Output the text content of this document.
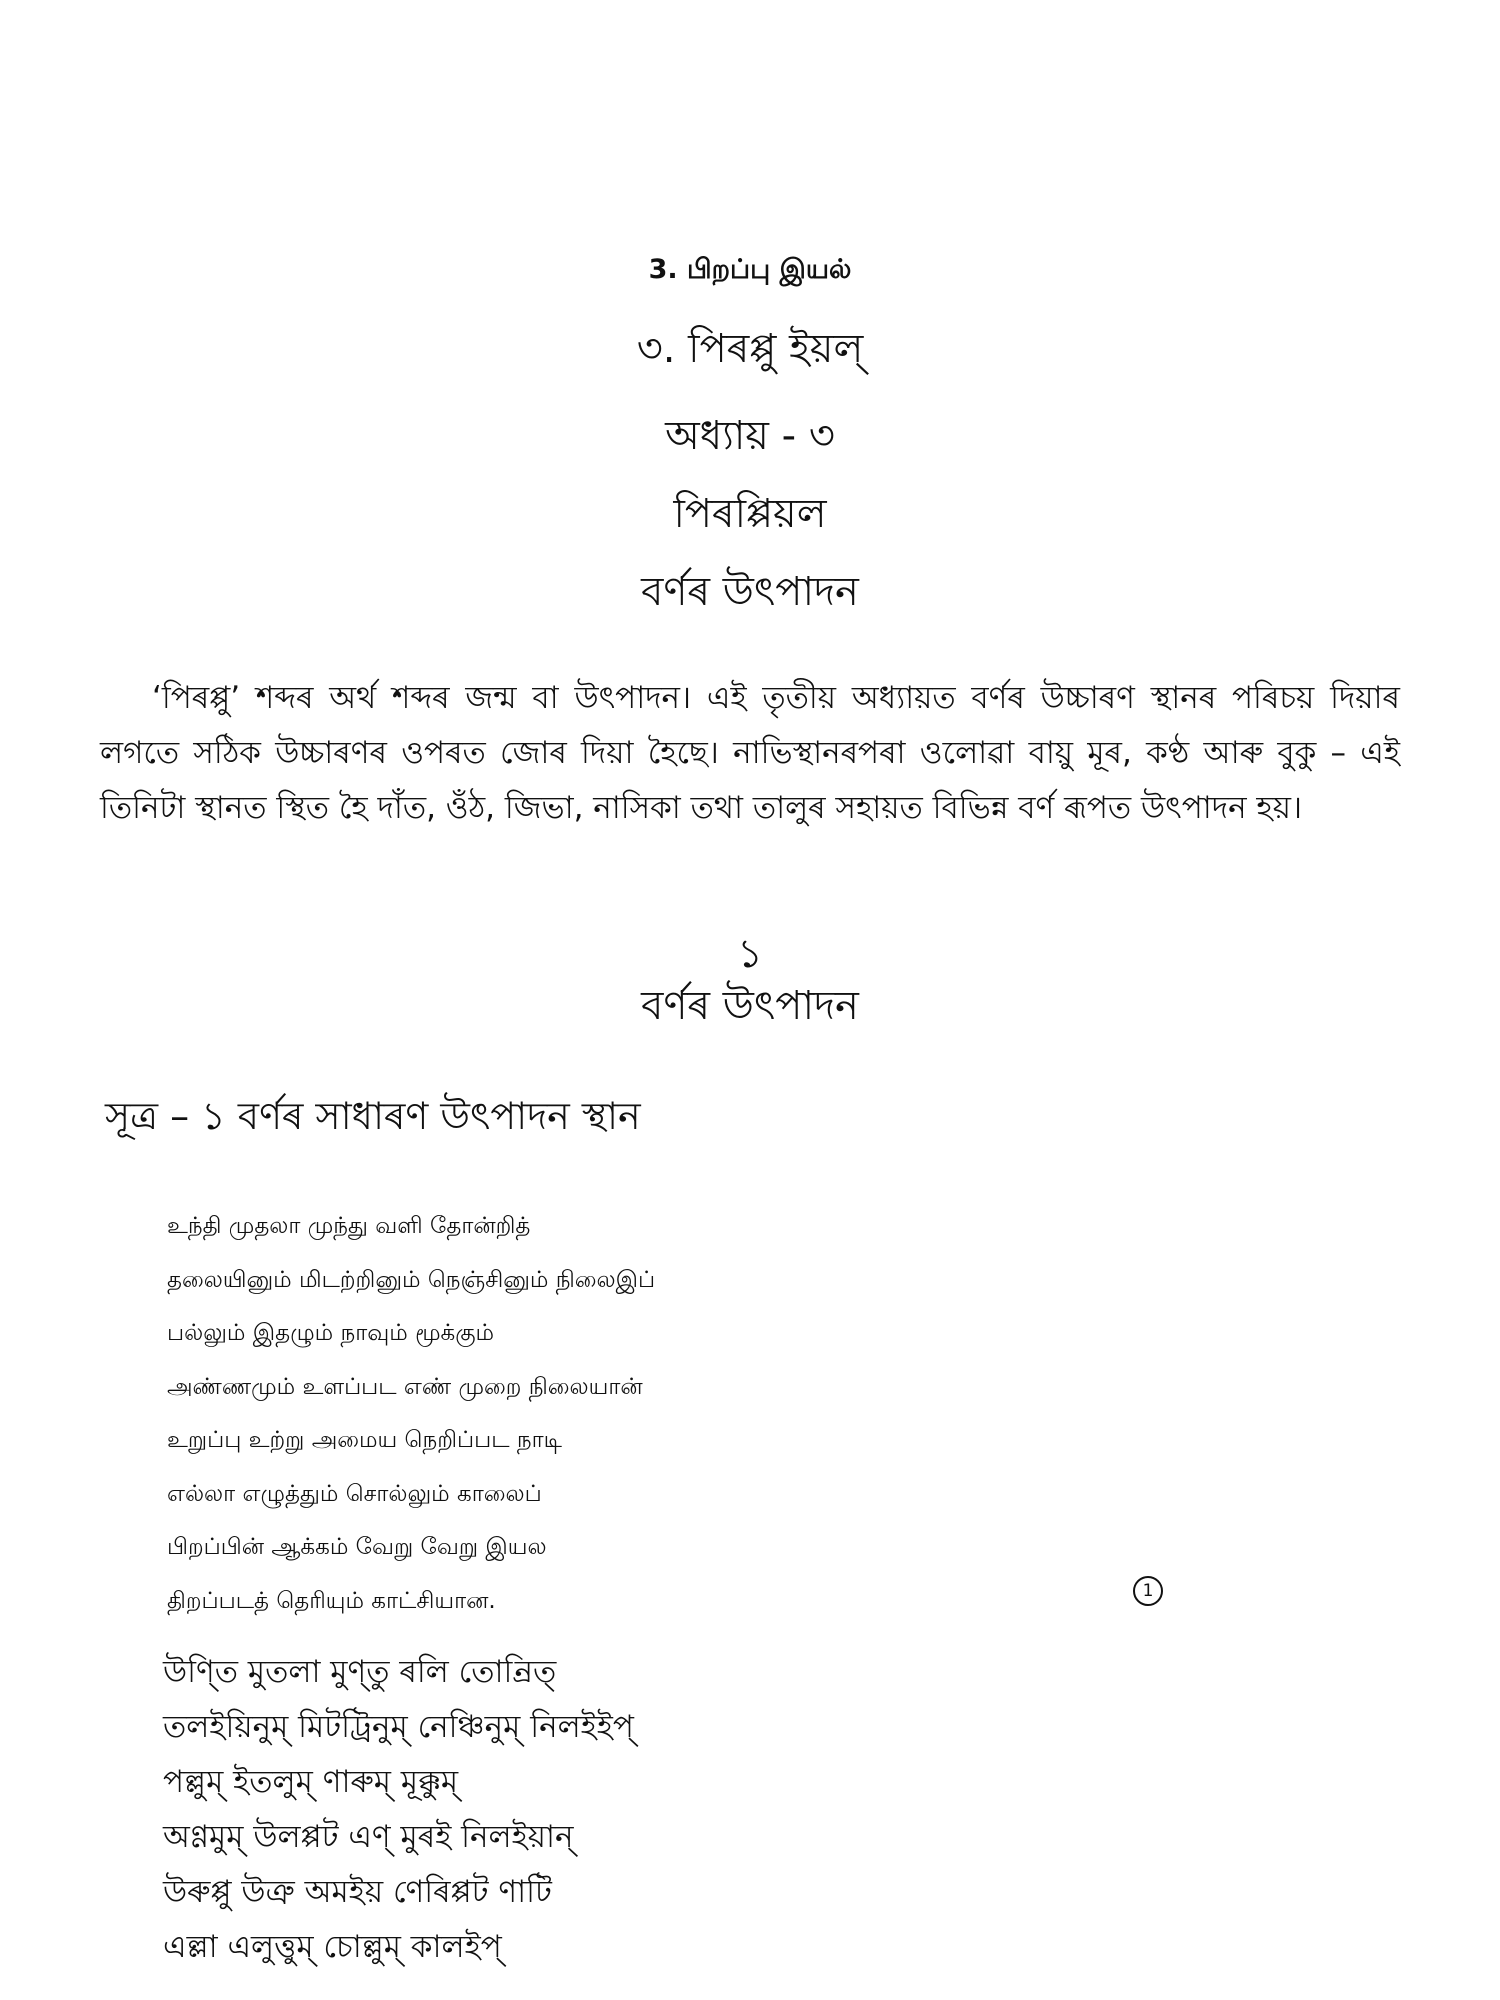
3. பிறப்பு இயல்
৩. পিৰপ্পু ইয়ল্
অধ্যায় - ৩
পিৰপ্পিয়ল
বৰ্ণৰ উৎপাদন

‘পিৰপ্পু’ শব্দৰ অৰ্থ শব্দৰ জন্ম বা উৎপাদন। এই তৃতীয় অধ্যায়ত বৰ্ণৰ উচ্চাৰণ স্থানৰ পৰিচয় দিয়াৰ লগতে সঠিক উচ্চাৰণৰ ওপৰত জোৰ দিয়া হৈছে। নাভিস্থানৰপৰা ওলোৱা বায়ু মূৰ, কণ্ঠ আৰু বুকু – এই তিনিটা স্থানত স্থিত হৈ দাঁত, ওঁঠ, জিভা, নাসিকা তথা তালুৰ সহায়ত বিভিন্ন বৰ্ণ ৰূপত উৎপাদন হয়।

১
বৰ্ণৰ উৎপাদন
সূত্ৰ – ১ বৰ্ণৰ সাধাৰণ উৎপাদন স্থান
உந்தி முதலா முந்து வளி தோன்றித்
தலையினும் மிடற்றினும் நெஞ்சினும் நிலைஇப்
பல்லும் இதழும் நாவும் மூக்கும்
அண்ணமும் உளப்பட எண் முறை நிலையான்
உறுப்பு உற்று அமைய நெறிப்பட நாடி
எல்லா எழுத்தும் சொல்லும் காலைப்
பிறப்பின் ஆக்கம் வேறு வேறு இயல
திறப்படத் தெரியும் காட்சியான.	1
উণ্তি মুতলা মুণ্তু ৰলি তোন্ৰিত্
তলইয়িনুম্ মিটট্ৰিনুম্ নেঞ্চিনুম্ নিলইইপ্
পল্লুম্ ইতলুম্ ণাৰুম্ মূক্কুম্
অণ্ণমুম্ উলপ্পট এণ্ মুৰই নিলইয়ান্
উৰুপ্পু উত্ৰু অমইয় ণেৰিপ্পট ণাটি
এল্লা এলুত্তুম্ চোল্লুম্ কালইপ্
